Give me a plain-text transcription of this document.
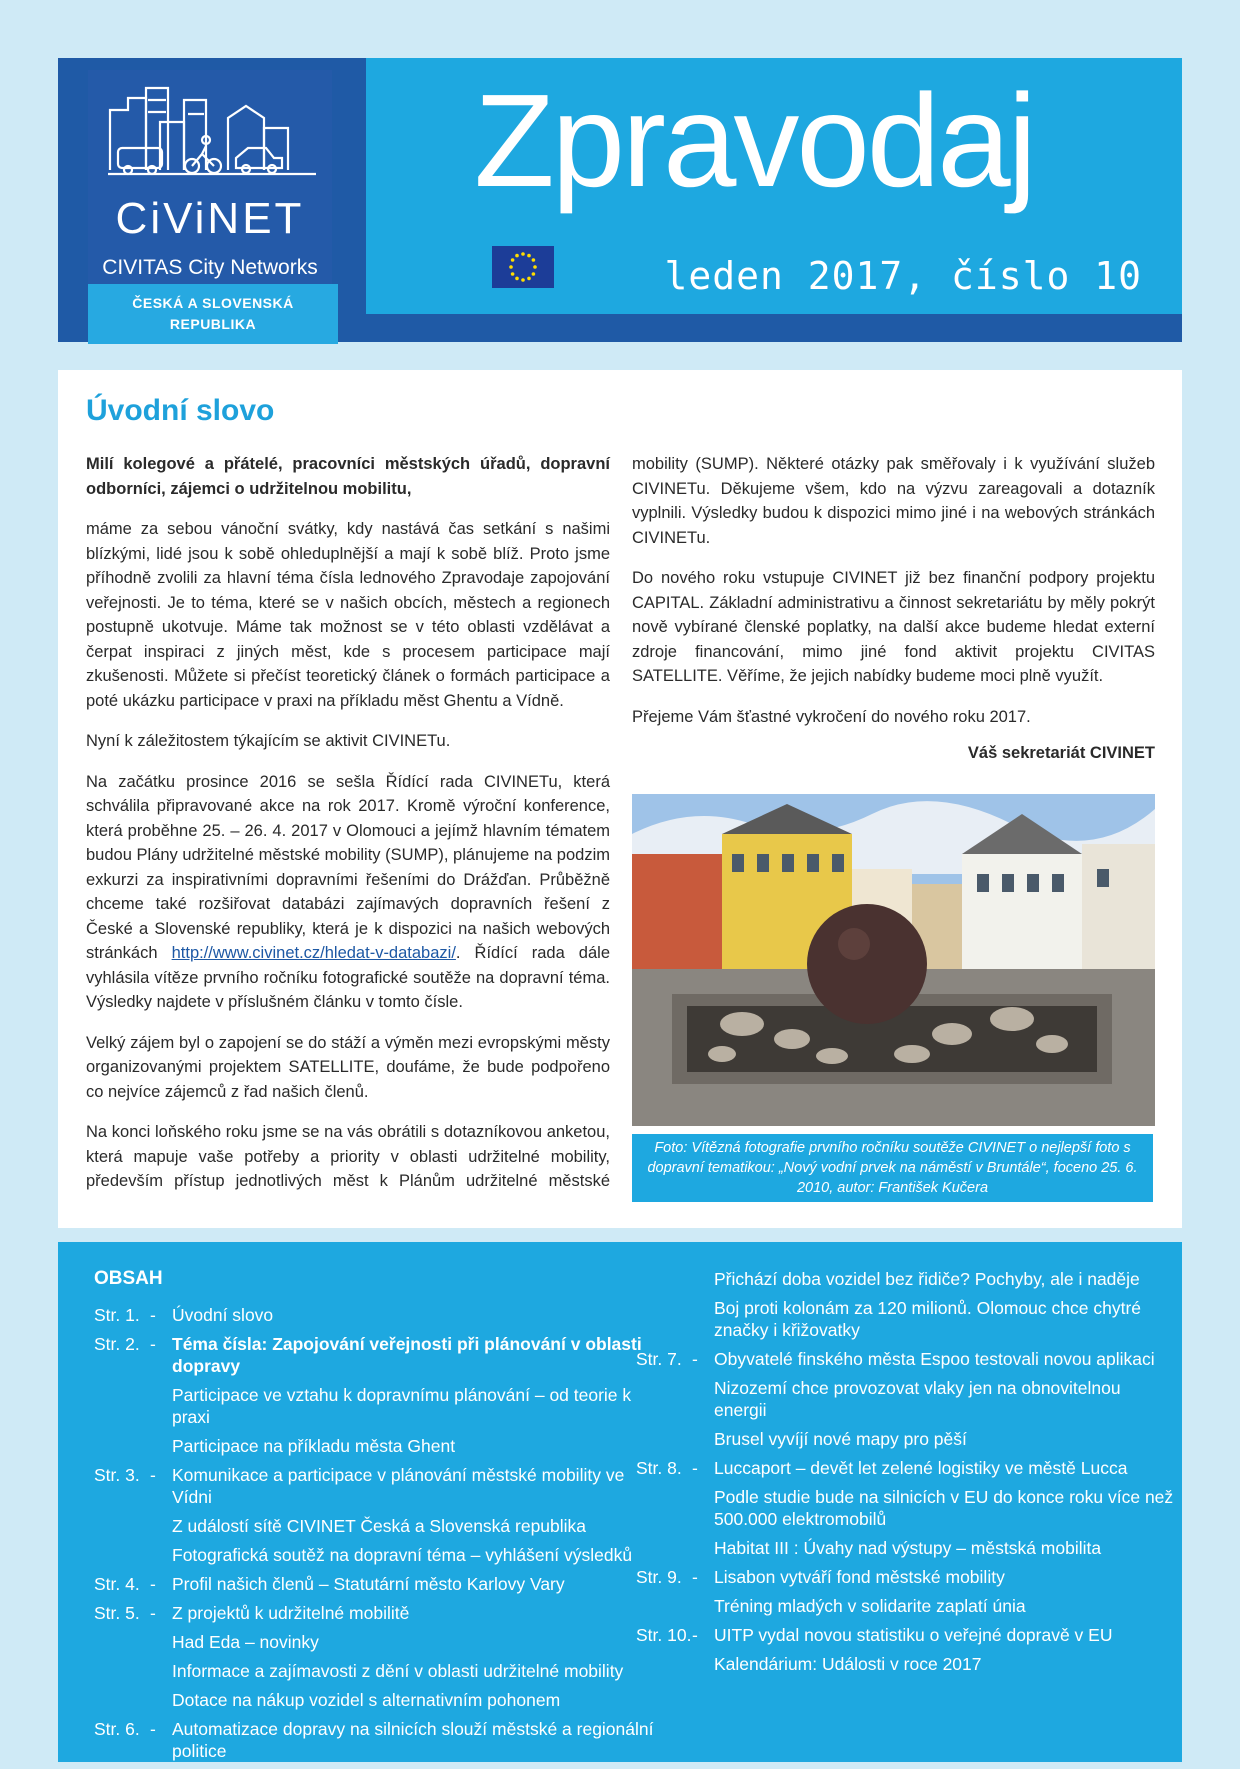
CiViNET
CIVITAS City Networks
ČESKÁ A SLOVENSKÁ REPUBLIKA
Zpravodaj
leden 2017, číslo 10
Úvodní slovo

Milí kolegové a přátelé, pracovníci městských úřadů, dopravní odborníci, zájemci o udržitelnou mobilitu,

máme za sebou vánoční svátky, kdy nastává čas setkání s našimi blízkými, lidé jsou k sobě ohleduplnější a mají k sobě blíž. Proto jsme příhodně zvolili za hlavní téma čísla lednového Zpravodaje zapojování veřejnosti. Je to téma, které se v našich obcích, městech a regionech postupně ukotvuje. Máme tak možnost se v této oblasti vzdělávat a čerpat inspiraci z jiných měst, kde s procesem participace mají zkušenosti. Můžete si přečíst teoretický článek o formách participace a poté ukázku participace v praxi na příkladu měst Ghentu a Vídně.

Nyní k záležitostem týkajícím se aktivit CIVINETu.

Na začátku prosince 2016 se sešla Řídící rada CIVINETu, která schválila připravované akce na rok 2017. Kromě výroční konference, která proběhne 25. – 26. 4. 2017 v Olomouci a jejímž hlavním tématem budou Plány udržitelné městské mobility (SUMP), plánujeme na podzim exkurzi za inspirativními dopravními řešeními do Drážďan. Průběžně chceme také rozšiřovat databázi zajímavých dopravních řešení z České a Slovenské republiky, která je k dispozici na našich webových stránkách http://www.civinet.cz/hledat-v-databazi/. Řídící rada dále vyhlásila vítěze prvního ročníku fotografické soutěže na dopravní téma. Výsledky najdete v příslušném článku v tomto čísle.

Velký zájem byl o zapojení se do stáží a výměn mezi evropskými městy organizovanými projektem SATELLITE, doufáme, že bude podpořeno co nejvíce zájemců z řad našich členů.

Na konci loňského roku jsme se na vás obrátili s dotazníkovou anketou, která mapuje vaše potřeby a priority v oblasti udržitelné mobility, především přístup jednotlivých měst k Plánům udržitelné městské

mobility (SUMP). Některé otázky pak směřovaly i k využívání služeb CIVINETu. Děkujeme všem, kdo na výzvu zareagovali a dotazník vyplnili. Výsledky budou k dispozici mimo jiné i na webových stránkách CIVINETu.

Do nového roku vstupuje CIVINET již bez finanční podpory projektu CAPITAL. Základní administrativu a činnost sekretariátu by měly pokrýt nově vybírané členské poplatky, na další akce budeme hledat externí zdroje financování, mimo jiné fond aktivit projektu CIVITAS SATELLITE. Věříme, že jejich nabídky budeme moci plně využít.

Přejeme Vám šťastné vykročení do nového roku 2017.

Váš sekretariát CIVINET

Foto: Vítězná fotografie prvního ročníku soutěže CIVINET o nejlepší foto s dopravní tematikou: „Nový vodní prvek na náměstí v Bruntále“, foceno 25. 6. 2010, autor: František Kučera
OBSAH
Str. 1. - Úvodní slovo
Str. 2. - Téma čísla: Zapojování veřejnosti při plánování v oblasti dopravy
Participace ve vztahu k dopravnímu plánování – od teorie k praxi
Participace na příkladu města Ghent
Str. 3. - Komunikace a participace v plánování městské mobility ve Vídni
Z událostí sítě CIVINET Česká a Slovenská republika
Fotografická soutěž na dopravní téma – vyhlášení výsledků
Str. 4. - Profil našich členů – Statutární město Karlovy Vary
Str. 5. - Z projektů k udržitelné mobilitě
Had Eda – novinky
Informace a zajímavosti z dění v oblasti udržitelné mobility
Dotace na nákup vozidel s alternativním pohonem
Str. 6. - Automatizace dopravy na silnicích slouží městské a regionální politice
Přichází doba vozidel bez řidiče? Pochyby, ale i naděje
Boj proti kolonám za 120 milionů. Olomouc chce chytré značky i křižovatky
Str. 7. - Obyvatelé finského města Espoo testovali novou aplikaci
Nizozemí chce provozovat vlaky jen na obnovitelnou energii
Brusel vyvíjí nové mapy pro pěší
Str. 8. - Luccaport – devět let zelené logistiky ve městě Lucca
Podle studie bude na silnicích v EU do konce roku více než 500.000 elektromobilů
Habitat III : Úvahy nad výstupy – městská mobilita
Str. 9. - Lisabon vytváří fond městské mobility
Tréning mladých v solidarite zaplatí únia
Str. 10. - UITP vydal novou statistiku o veřejné dopravě v EU
Kalendárium: Události v roce 2017
